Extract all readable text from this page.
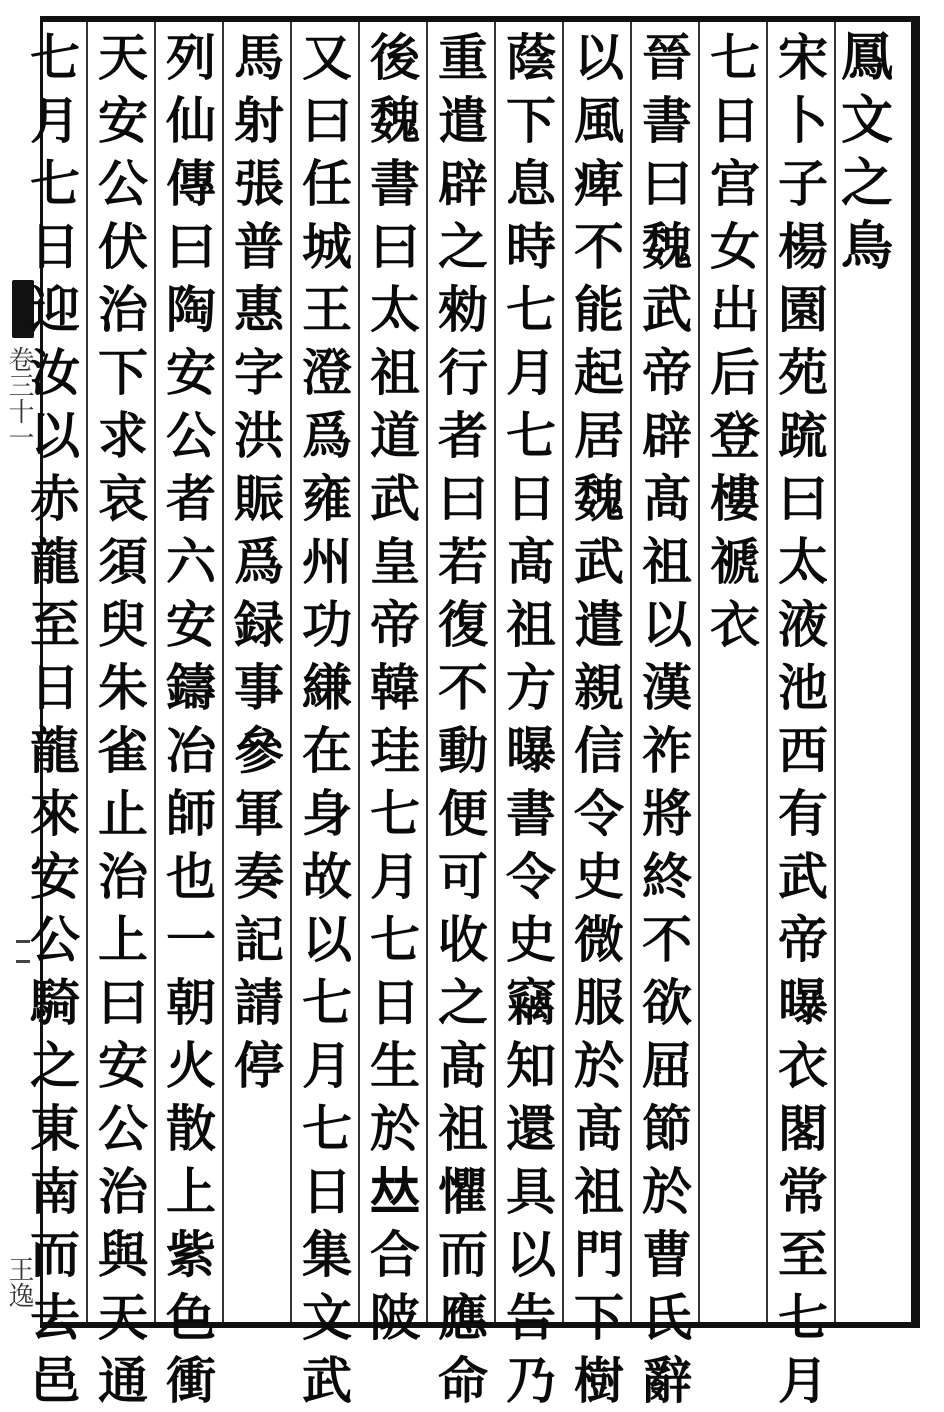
卷三十一
王逸
鳳
文
之
鳥
宋
卜
子
楊
園
苑
䟽
曰
太
液
池
西
有
武
帝
曝
衣
閣
常
至
七
月
七
日
宫
女
出
后
登
樓
禠
衣
晉
書
曰
魏
武
帝
辟
髙
祖
以
漢
祚
將
終
不
欲
屈
節
於
曹
氏
辭
以
風
痺
不
能
起
居
魏
武
遣
親
信
令
史
微
服
於
髙
祖
門
下
樹
蔭
下
息
時
七
月
七
日
髙
祖
方
曝
書
令
史
竊
知
還
具
以
告
乃
重
遣
辟
之
勑
行
者
曰
若
復
不
動
便
可
收
之
髙
祖
懼
而
應
命
後
魏
書
曰
太
祖
道
武
皇
帝
韓
珪
七
月
七
日
生
於
𠀤
合
陂
又
曰
任
城
王
澄
爲
雍
州
功
縑
在
身
故
以
七
月
七
日
集
文
武
馬
射
張
普
惠
字
洪
賑
爲
録
事
參
軍
奏
記
請
停
列
仙
傳
曰
陶
安
公
者
六
安
鑄
冶
師
也
一
朝
火
散
上
紫
色
衝
天
安
公
伏
治
下
求
哀
須
臾
朱
雀
止
治
上
曰
安
公
治
與
天
通
七
月
七
日
迎
汝
以
赤
龍
至
日
龍
來
安
公
騎
之
東
南
而
去
邑
